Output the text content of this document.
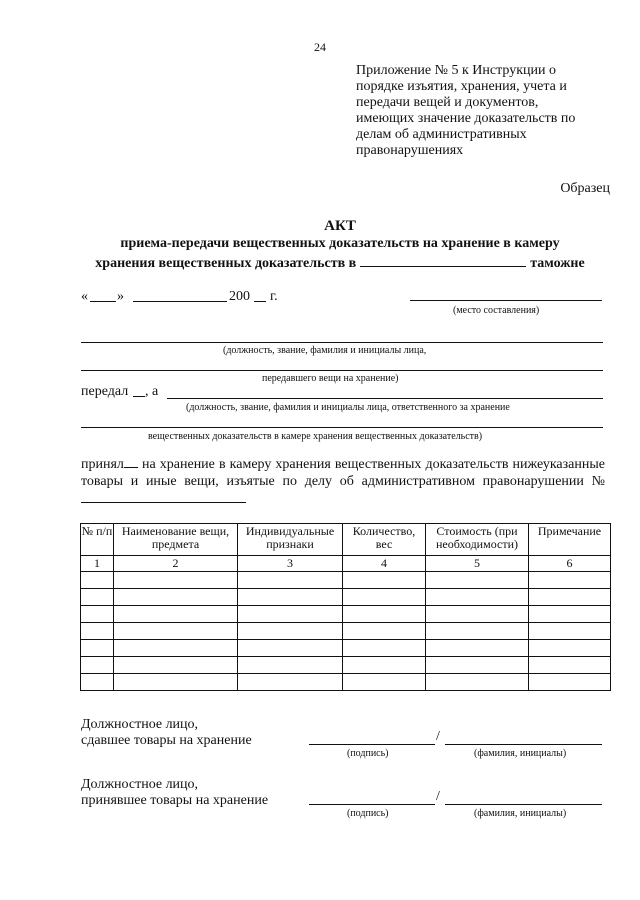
24
Приложение № 5 к Инструкции о
порядке изъятия, хранения, учета и
передачи вещей и документов,
имеющих значение доказательств по
делам об административных
правонарушениях
Образец
АКТ
приема-передачи вещественных доказательств на хранение в камеру
хранения вещественных доказательств в	таможне
« »	200 г.
(место составления)
(должность, звание, фамилия и инициалы лица,
передавшего вещи на хранение)
передал , а
(должность, звание, фамилия и инициалы лица, ответственного за хранение
вещественных доказательств в камере хранения вещественных доказательств)
принял на хранение в камеру хранения вещественных доказательств нижеуказанные товары и иные вещи, изъятые по делу об административном правонарушении №
№ п/п	Наименование вещи, предмета	Индивидуальные признаки	Количество, вес	Стоимость (при необходимости)	Примечание
1	2	3	4	5	6

Должностное лицо,
сдавшее товары на хранение	/
(подпись)	(фамилия, инициалы)
Должностное лицо,
принявшее товары на хранение	/
(подпись)	(фамилия, инициалы)
